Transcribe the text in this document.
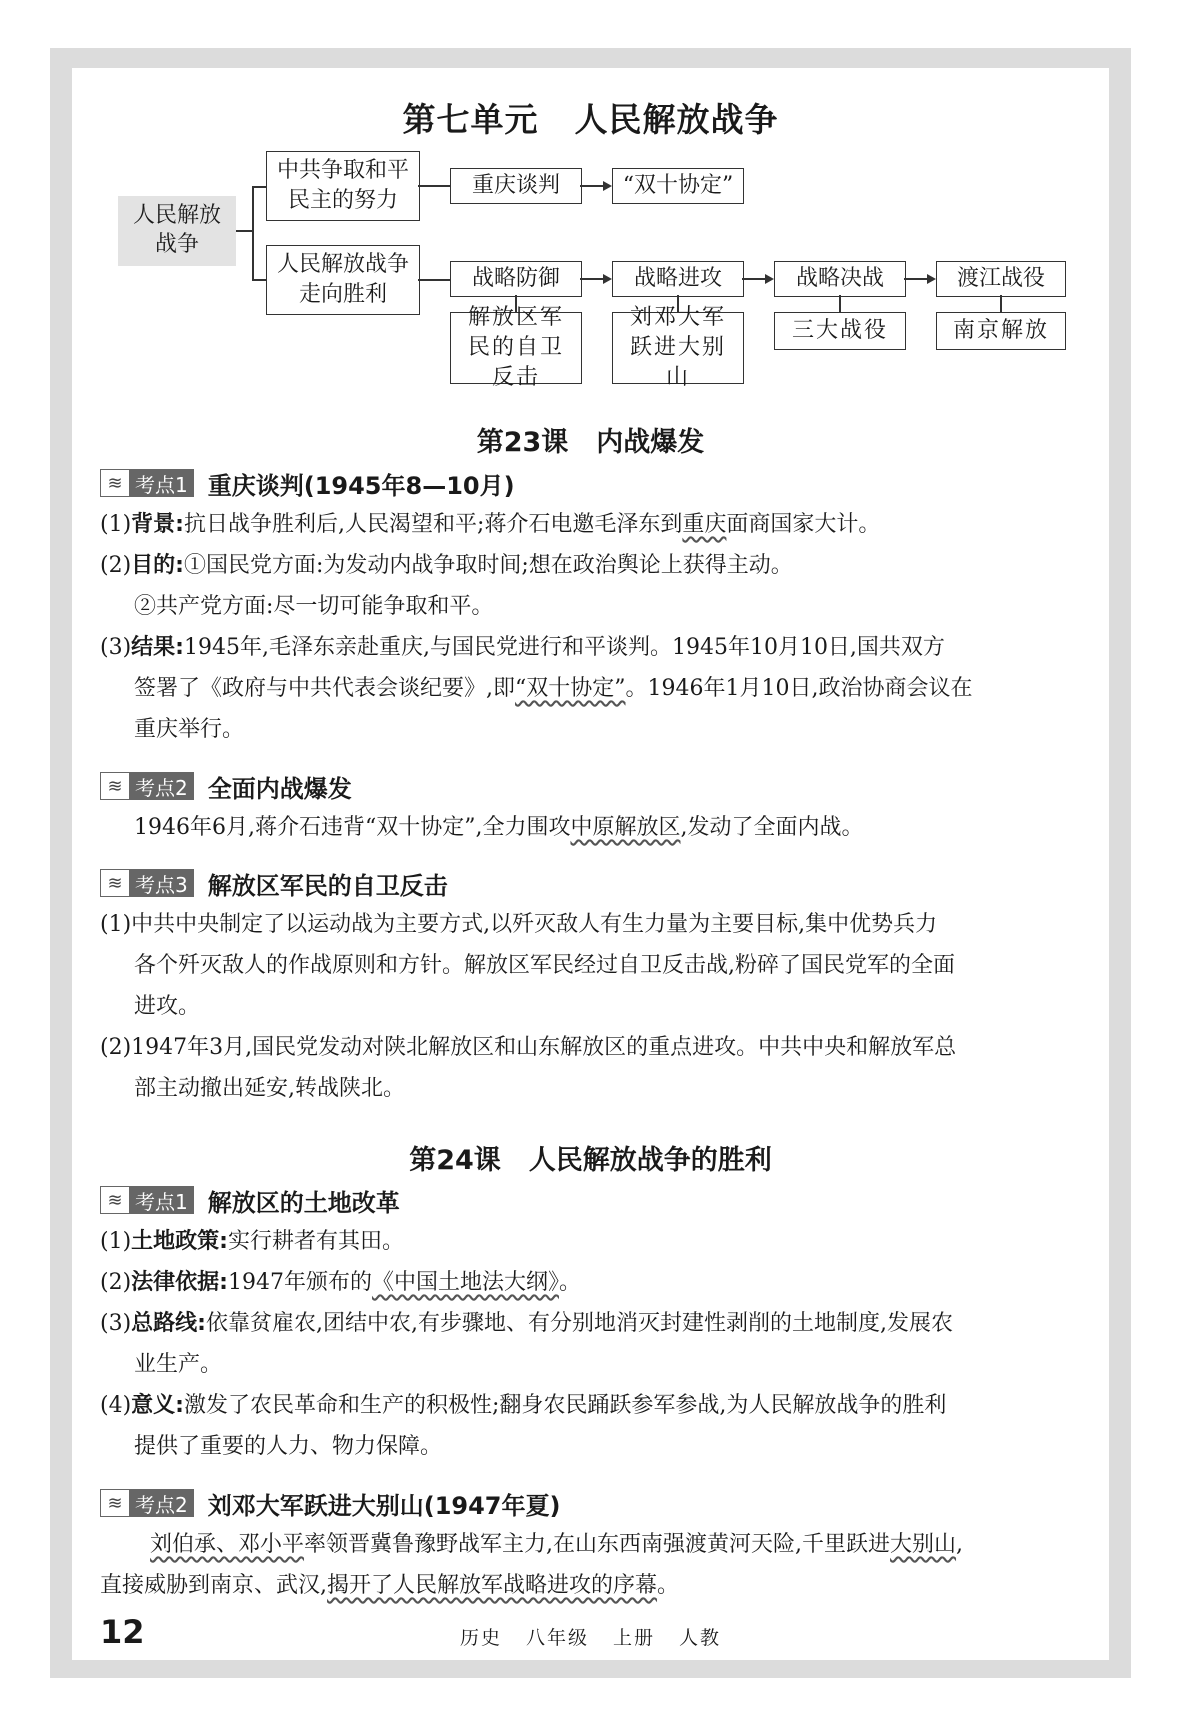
第七单元 人民解放战争
人民解放战争
中共争取和平民主的努力
人民解放战争走向胜利
重庆谈判	“双十协定”
战略防御	战略进攻	战略决战	渡江战役
解放区军民的自卫反击
刘邓大军跃进大别山
三大战役	南京解放
第23课 内战爆发
≋ 考点1 重庆谈判(1945年8—10月)
(1)背景:抗日战争胜利后,人民渴望和平;蒋介石电邀毛泽东到重庆面商国家大计。
(2)目的:①国民党方面:为发动内战争取时间;想在政治舆论上获得主动。
②共产党方面:尽一切可能争取和平。
(3)结果:1945年,毛泽东亲赴重庆,与国民党进行和平谈判。1945年10月10日,国共双方
签署了《政府与中共代表会谈纪要》,即“双十协定”。1946年1月10日,政治协商会议在
重庆举行。
≋ 考点2 全面内战爆发
1946年6月,蒋介石违背“双十协定”,全力围攻中原解放区,发动了全面内战。
≋ 考点3 解放区军民的自卫反击
(1)中共中央制定了以运动战为主要方式,以歼灭敌人有生力量为主要目标,集中优势兵力
各个歼灭敌人的作战原则和方针。解放区军民经过自卫反击战,粉碎了国民党军的全面
进攻。
(2)1947年3月,国民党发动对陕北解放区和山东解放区的重点进攻。中共中央和解放军总
部主动撤出延安,转战陕北。
第24课 人民解放战争的胜利
≋ 考点1 解放区的土地改革
(1)土地政策:实行耕者有其田。
(2)法律依据:1947年颁布的《中国土地法大纲》。
(3)总路线:依靠贫雇农,团结中农,有步骤地、有分别地消灭封建性剥削的土地制度,发展农
业生产。
(4)意义:激发了农民革命和生产的积极性;翻身农民踊跃参军参战,为人民解放战争的胜利
提供了重要的人力、物力保障。
≋ 考点2 刘邓大军跃进大别山(1947年夏)
刘伯承、邓小平率领晋冀鲁豫野战军主力,在山东西南强渡黄河天险,千里跃进大别山,
直接威胁到南京、武汉,揭开了人民解放军战略进攻的序幕。
12	历史 八年级 上册 人教
